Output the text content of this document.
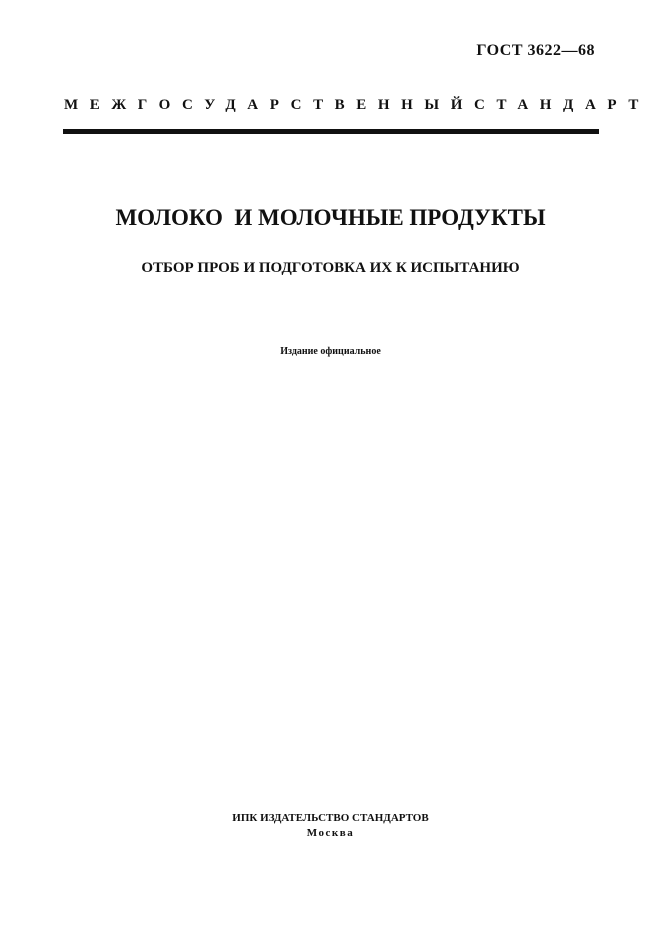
ГОСТ 3622—68
МЕЖГОСУДАРСТВЕННЫЙ СТАНДАРТ
МОЛОКО  И МОЛОЧНЫЕ ПРОДУКТЫ
ОТБОР ПРОБ И ПОДГОТОВКА ИХ К ИСПЫТАНИЮ
Издание официальное
ИПК ИЗДАТЕЛЬСТВО СТАНДАРТОВ
Москва
